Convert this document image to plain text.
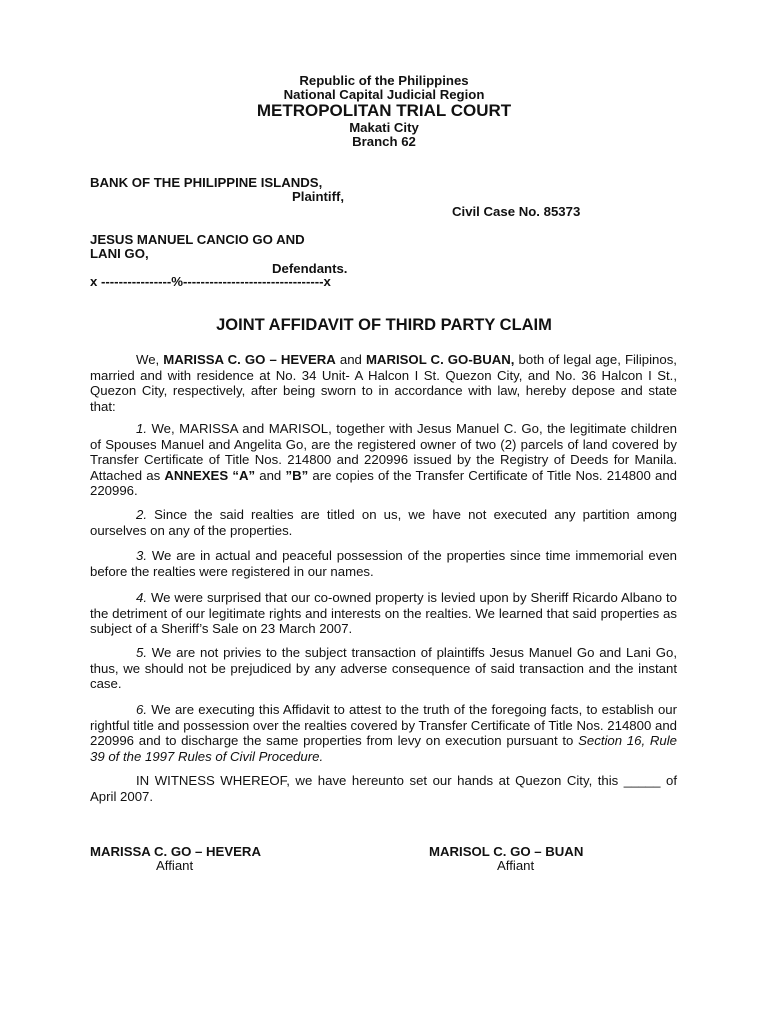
Republic of the Philippines
National Capital Judicial Region
METROPOLITAN TRIAL COURT
Makati City
Branch 62
BANK OF THE PHILIPPINE ISLANDS,
Plaintiff,
Civil Case No. 85373
JESUS MANUEL CANCIO GO AND
LANI GO,
Defendants.
x ----------------%--------------------------------x
JOINT AFFIDAVIT OF THIRD PARTY CLAIM
We, MARISSA C. GO – HEVERA and MARISOL C. GO-BUAN, both of legal age, Filipinos, married and with residence at No. 34 Unit- A Halcon I St. Quezon City, and No. 36 Halcon I St., Quezon City, respectively, after being sworn to in accordance with law, hereby depose and state that:
1. We, MARISSA and MARISOL, together with Jesus Manuel C. Go, the legitimate children of Spouses Manuel and Angelita Go, are the registered owner of two (2) parcels of land covered by Transfer Certificate of Title Nos. 214800 and 220996 issued by the Registry of Deeds for Manila. Attached as ANNEXES “A” and ”B” are copies of the Transfer Certificate of Title Nos. 214800 and 220996.
2. Since the said realties are titled on us, we have not executed any partition among ourselves on any of the properties.
3. We are in actual and peaceful possession of the properties since time immemorial even before the realties were registered in our names.
4. We were surprised that our co-owned property is levied upon by Sheriff Ricardo Albano to the detriment of our legitimate rights and interests on the realties. We learned that said properties as subject of a Sheriff’s Sale on 23 March 2007.
5. We are not privies to the subject transaction of plaintiffs Jesus Manuel Go and Lani Go, thus, we should not be prejudiced by any adverse consequence of said transaction and the instant case.
6. We are executing this Affidavit to attest to the truth of the foregoing facts, to establish our rightful title and possession over the realties covered by Transfer Certificate of Title Nos. 214800 and 220996 and to discharge the same properties from levy on execution pursuant to Section 16, Rule 39 of the 1997 Rules of Civil Procedure.
IN WITNESS WHEREOF, we have hereunto set our hands at Quezon City, this _____ of April 2007.
MARISSA C. GO – HEVERA
Affiant
MARISOL C. GO – BUAN
Affiant
